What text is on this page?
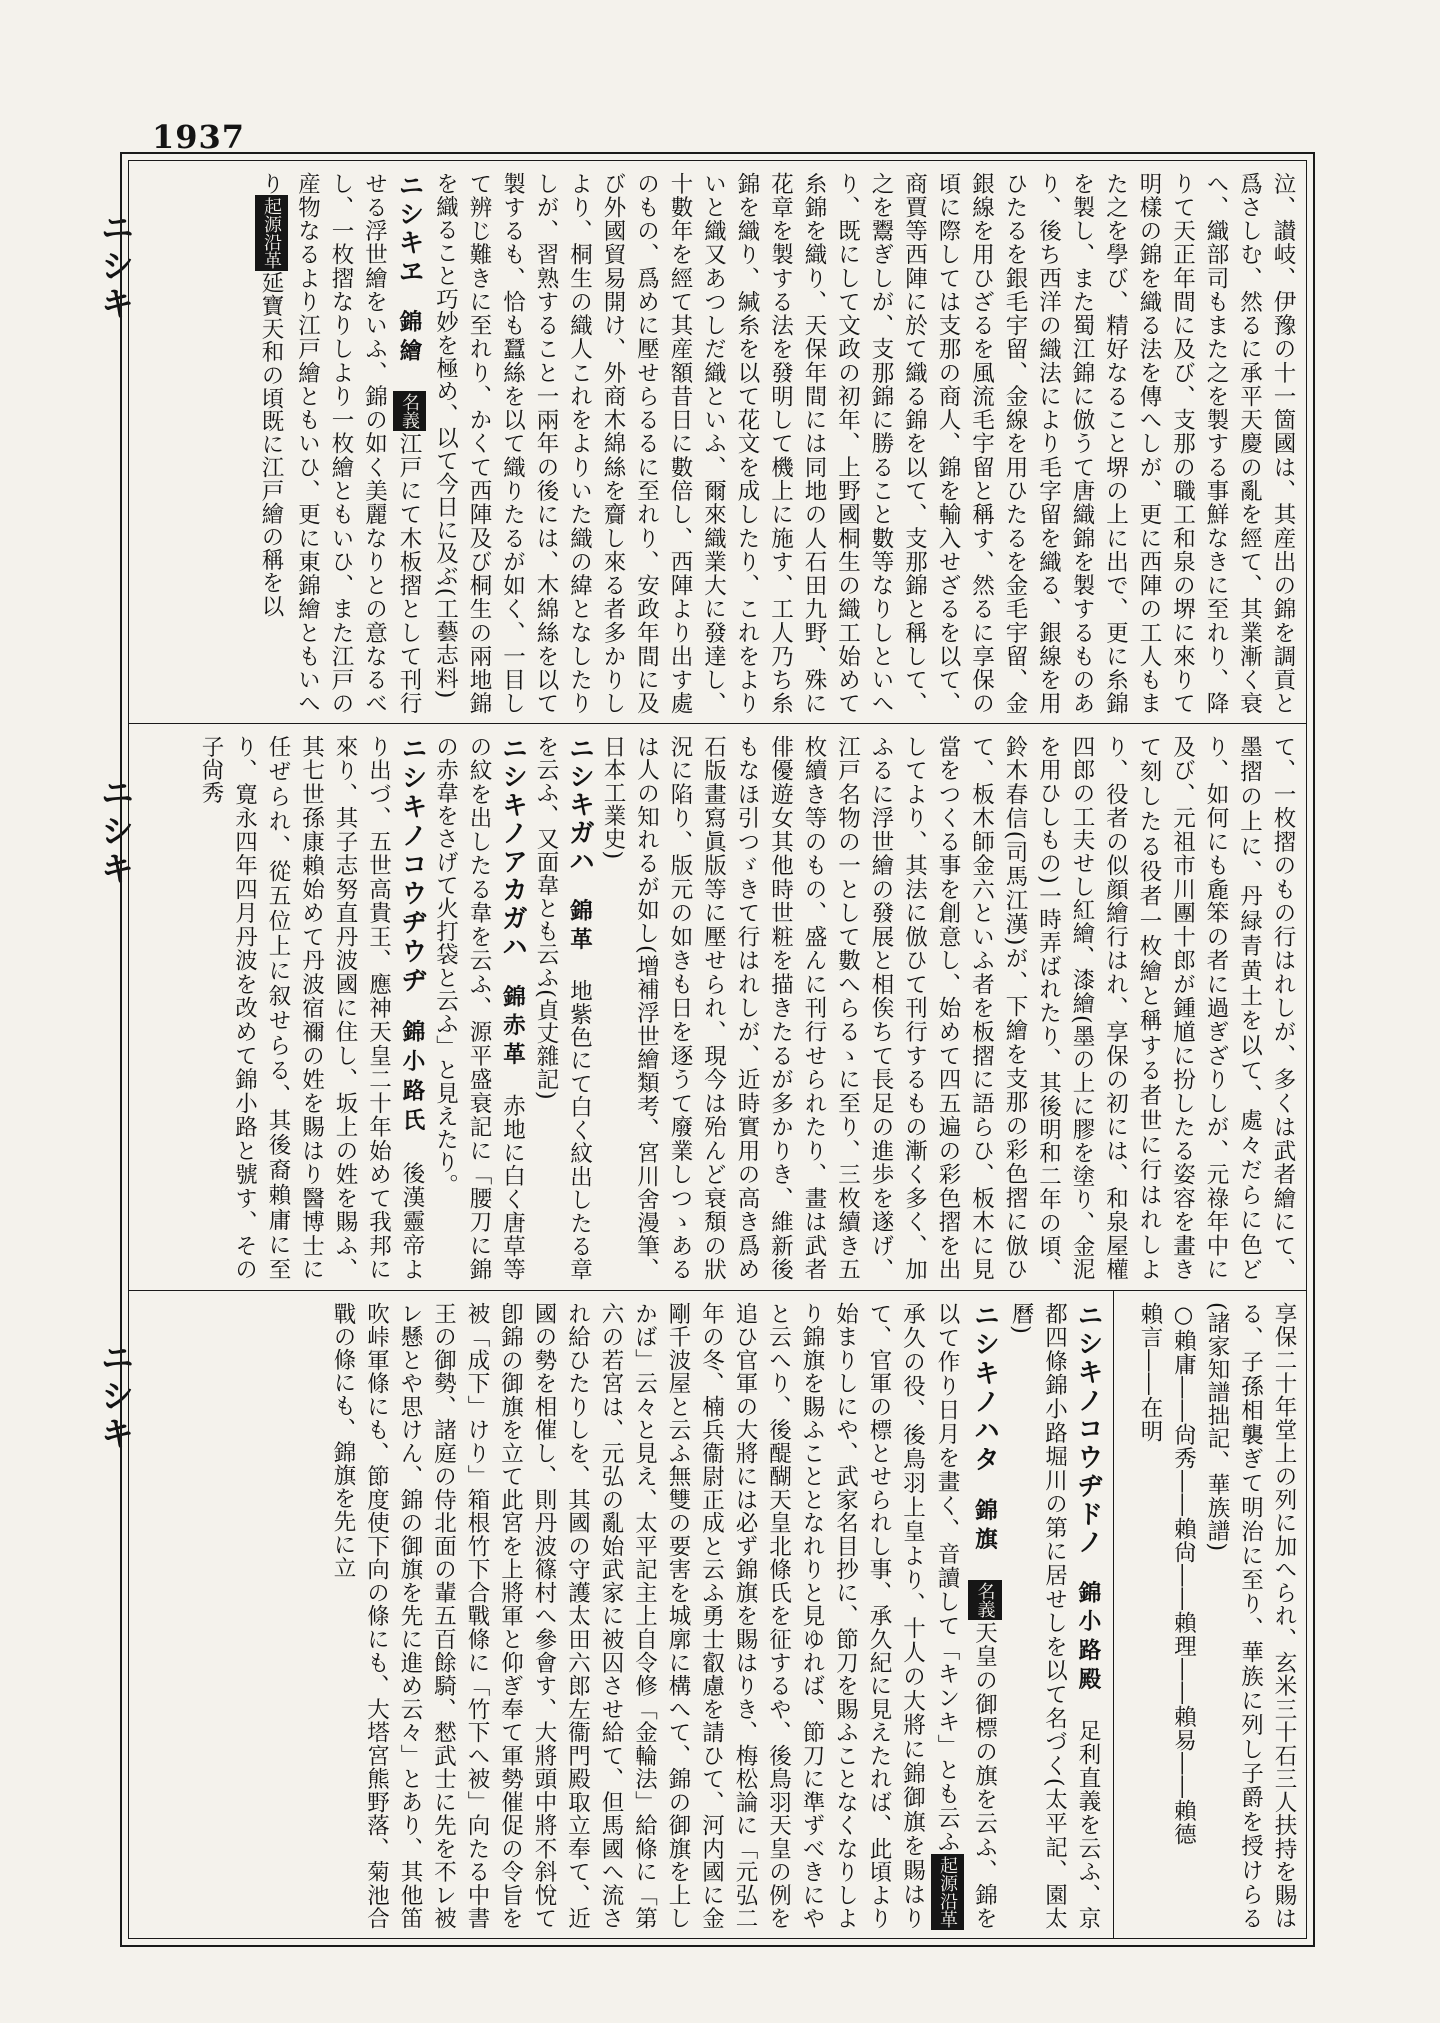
1937
ニシキ
ニシキ
ニシキ
泣、讃岐、伊豫の十一箇國は、其産出の錦を調貢と爲さしむ、然るに承平天慶の亂を經て、其業漸く衰へ、織部司もまた之を製する事鮮なきに至れり、降りて天正年間に及び、支那の職工和泉の堺に來りて明樣の錦を織る法を傳へしが、更に西陣の工人もまた之を學び、精好なること堺の上に出で、更に糸錦を製し、また蜀江錦に倣うて唐織錦を製するものあり、後ち西洋の織法により毛字留を織る、銀線を用ひたるを銀毛宇留、金線を用ひたるを金毛宇留、金銀線を用ひざるを風流毛宇留と稱す、然るに享保の頃に際しては支那の商人、錦を輸入せざるを以て、商賈等西陣に於て織る錦を以て、支那錦と稱して、之を鬻ぎしが、支那錦に勝ること數等なりしといへり、既にして文政の初年、上野國桐生の織工始めて糸錦を織り、天保年間には同地の人石田九野、殊に花章を製する法を發明して機上に施す、工人乃ち糸錦を織り、緘糸を以て花文を成したり、これをよりいと織又あつしだ織といふ、爾來織業大に發達し、十數年を經て其産額昔日に數倍し、西陣より出す處のもの、爲めに壓せらるるに至れり、安政年間に及び外國貿易開け、外商木綿絲を齎し來る者多かりしより、桐生の織人これをよりいた織の緯となしたりしが、習熟すること一兩年の後には、木綿絲を以て製するも、恰も蠶絲を以て織りたるが如く、一目して辨じ難きに至れり、かくて西陣及び桐生の兩地錦を織ること巧妙を極め、以て今日に及ぶ(工藝志料)
ニシキヱ　錦繪　名義江戸にて木板摺として刊行せる浮世繪をいふ、錦の如く美麗なりとの意なるべし、一枚摺なりしより一枚繪ともいひ、また江戸の産物なるより江戸繪ともいひ、更に東錦繪ともいへり起源沿革延寶天和の頃既に江戸繪の稱を以
て、一枚摺のもの行はれしが、多くは武者繪にて、墨摺の上に、丹緑青黄土を以て、處々だらに色どり、如何にも麁笨の者に過ぎざりしが、元祿年中に及び、元祖市川團十郎が鍾馗に扮したる姿容を畫きて刻したる役者一枚繪と稱する者世に行はれしより、役者の似顔繪行はれ、享保の初には、和泉屋權四郎の工夫せし紅繪、漆繪(墨の上に膠を塗り、金泥を用ひしもの)一時弄ばれたり、其後明和二年の頃、鈴木春信(司馬江漢)が、下繪を支那の彩色摺に倣ひて、板木師金六といふ者を板摺に語らひ、板木に見當をつくる事を創意し、始めて四五遍の彩色摺を出してより、其法に倣ひて刊行するもの漸く多く、加ふるに浮世繪の發展と相俟ちて長足の進歩を遂げ、江戸名物の一として數へらるゝに至り、三枚續き五枚續き等のもの、盛んに刊行せられたり、畫は武者俳優遊女其他時世粧を描きたるが多かりき、維新後もなほ引つゞきて行はれしが、近時實用の高き爲め石版畫寫眞版等に壓せられ、現今は殆んど衰頽の狀況に陷り、版元の如きも日を逐うて廢業しつゝあるは人の知れるが如し(增補浮世繪類考、宮川舍漫筆、日本工業史)
ニシキガハ　錦革　地紫色にて白く紋出したる章を云ふ、又面韋とも云ふ(貞丈雜記)
ニシキノアカガハ　錦赤革　赤地に白く唐草等の紋を出したる韋を云ふ、源平盛衰記に「腰刀に錦の赤韋をさげて火打袋と云ふ」と見えたり。
ニシキノコウヂウヂ　錦小路氏　後漢靈帝より出づ、五世高貴王、應神天皇二十年始めて我邦に來り、其子志努直丹波國に住し、坂上の姓を賜ふ、其七世孫康賴始めて丹波宿禰の姓を賜はり醫博士に任ぜられ、從五位上に叙せらる、其後裔賴庸に至り、寛永四年四月丹波を改めて錦小路と號す、その子尙秀
享保二十年堂上の列に加へられ、玄米三十石三人扶持を賜はる、子孫相襲ぎて明治に至り、華族に列し子爵を授けらる(諸家知譜拙記、華族譜)
○賴庸――尙秀――賴尙――賴理――賴易――賴德
賴言――在明
ニシキノコウヂドノ　錦小路殿　足利直義を云ふ、京都四條錦小路堀川の第に居せしを以て名づく(太平記、園太曆)
ニシキノハタ　錦旗　名義天皇の御標の旗を云ふ、錦を以て作り日月を畫く、音讀して「キンキ」とも云ふ起源沿革承久の役、後鳥羽上皇より、十人の大將に錦御旗を賜はりて、官軍の標とせられし事、承久紀に見えたれば、此頃より始まりしにや、武家名目抄に、節刀を賜ふことなくなりしより錦旗を賜ふこととなれりと見ゆれば、節刀に準ずべきにやと云へり、後醍醐天皇北條氏を征するや、後鳥羽天皇の例を追ひ官軍の大將には必ず錦旗を賜はりき、梅松論に「元弘二年の冬、楠兵衞尉正成と云ふ勇士叡慮を請ひて、河内國に金剛千波屋と云ふ無雙の要害を城廓に構へて、錦の御旗を上しかば」云々と見え、太平記主上自令修「金輪法」給條に「第六の若宮は、元弘の亂始武家に被囚させ給て、但馬國へ流され給ひたりしを、其國の守護太田六郎左衞門殿取立奉て、近國の勢を相催し、則丹波篠村へ參會す、大將頭中將不斜悅て卽錦の御旗を立て此宮を上將軍と仰ぎ奉て軍勢催促の令旨を被「成下」けり」箱根竹下合戰條に「竹下へ被」向たる中書王の御勢、諸庭の侍北面の輩五百餘騎、憖武士に先を不レ被レ懸とや思けん、錦の御旗を先に進め云々」とあり、其他笛吹峠軍條にも、節度使下向の條にも、大塔宮熊野落、菊池合戰の條にも、錦旗を先に立
